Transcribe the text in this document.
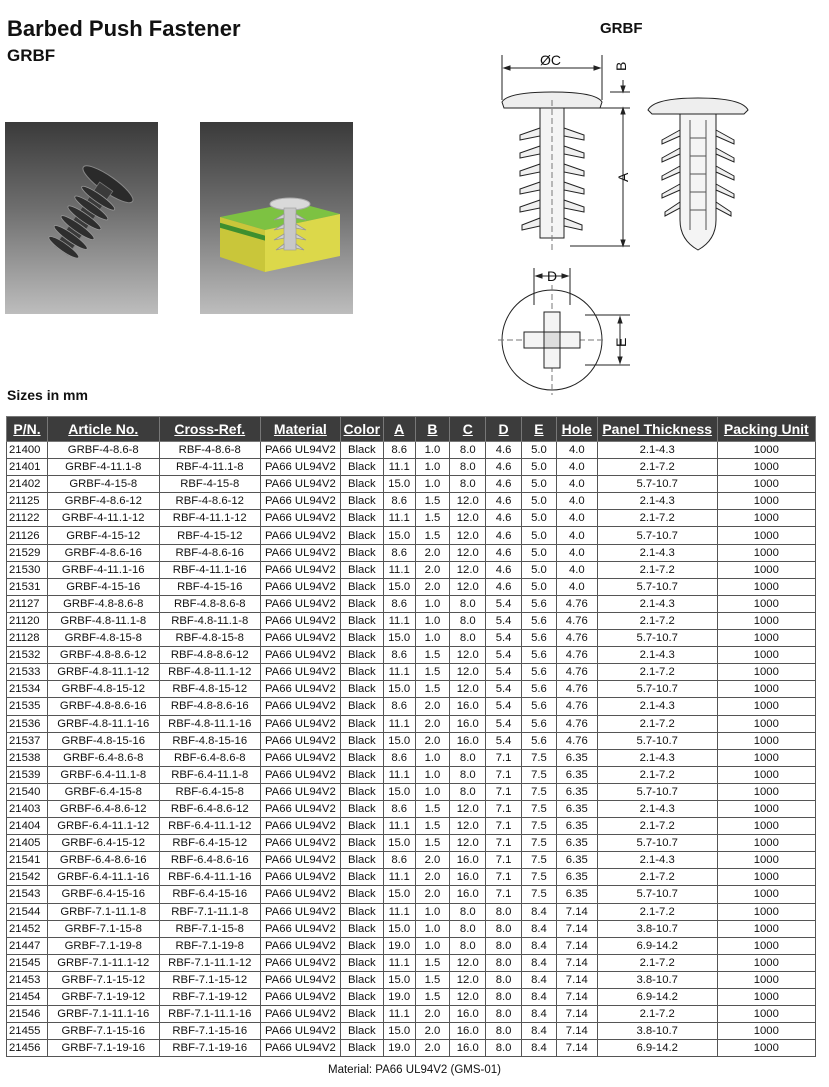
Barbed Push Fastener
GRBF
GRBF
ØC	B
A
D
E
Sizes in mm
P/N.	Article No.	Cross-Ref.	Material	Color	A	B	C	D	E	Hole	Panel Thickness	Packing Unit
21400	GRBF-4-8.6-8	RBF-4-8.6-8	PA66 UL94V2	Black	8.6	1.0	8.0	4.6	5.0	4.0	2.1-4.3	1000
21401	GRBF-4-11.1-8	RBF-4-11.1-8	PA66 UL94V2	Black	11.1	1.0	8.0	4.6	5.0	4.0	2.1-7.2	1000
21402	GRBF-4-15-8	RBF-4-15-8	PA66 UL94V2	Black	15.0	1.0	8.0	4.6	5.0	4.0	5.7-10.7	1000
21125	GRBF-4-8.6-12	RBF-4-8.6-12	PA66 UL94V2	Black	8.6	1.5	12.0	4.6	5.0	4.0	2.1-4.3	1000
21122	GRBF-4-11.1-12	RBF-4-11.1-12	PA66 UL94V2	Black	11.1	1.5	12.0	4.6	5.0	4.0	2.1-7.2	1000
21126	GRBF-4-15-12	RBF-4-15-12	PA66 UL94V2	Black	15.0	1.5	12.0	4.6	5.0	4.0	5.7-10.7	1000
21529	GRBF-4-8.6-16	RBF-4-8.6-16	PA66 UL94V2	Black	8.6	2.0	12.0	4.6	5.0	4.0	2.1-4.3	1000
21530	GRBF-4-11.1-16	RBF-4-11.1-16	PA66 UL94V2	Black	11.1	2.0	12.0	4.6	5.0	4.0	2.1-7.2	1000
21531	GRBF-4-15-16	RBF-4-15-16	PA66 UL94V2	Black	15.0	2.0	12.0	4.6	5.0	4.0	5.7-10.7	1000
21127	GRBF-4.8-8.6-8	RBF-4.8-8.6-8	PA66 UL94V2	Black	8.6	1.0	8.0	5.4	5.6	4.76	2.1-4.3	1000
21120	GRBF-4.8-11.1-8	RBF-4.8-11.1-8	PA66 UL94V2	Black	11.1	1.0	8.0	5.4	5.6	4.76	2.1-7.2	1000
21128	GRBF-4.8-15-8	RBF-4.8-15-8	PA66 UL94V2	Black	15.0	1.0	8.0	5.4	5.6	4.76	5.7-10.7	1000
21532	GRBF-4.8-8.6-12	RBF-4.8-8.6-12	PA66 UL94V2	Black	8.6	1.5	12.0	5.4	5.6	4.76	2.1-4.3	1000
21533	GRBF-4.8-11.1-12	RBF-4.8-11.1-12	PA66 UL94V2	Black	11.1	1.5	12.0	5.4	5.6	4.76	2.1-7.2	1000
21534	GRBF-4.8-15-12	RBF-4.8-15-12	PA66 UL94V2	Black	15.0	1.5	12.0	5.4	5.6	4.76	5.7-10.7	1000
21535	GRBF-4.8-8.6-16	RBF-4.8-8.6-16	PA66 UL94V2	Black	8.6	2.0	16.0	5.4	5.6	4.76	2.1-4.3	1000
21536	GRBF-4.8-11.1-16	RBF-4.8-11.1-16	PA66 UL94V2	Black	11.1	2.0	16.0	5.4	5.6	4.76	2.1-7.2	1000
21537	GRBF-4.8-15-16	RBF-4.8-15-16	PA66 UL94V2	Black	15.0	2.0	16.0	5.4	5.6	4.76	5.7-10.7	1000
21538	GRBF-6.4-8.6-8	RBF-6.4-8.6-8	PA66 UL94V2	Black	8.6	1.0	8.0	7.1	7.5	6.35	2.1-4.3	1000
21539	GRBF-6.4-11.1-8	RBF-6.4-11.1-8	PA66 UL94V2	Black	11.1	1.0	8.0	7.1	7.5	6.35	2.1-7.2	1000
21540	GRBF-6.4-15-8	RBF-6.4-15-8	PA66 UL94V2	Black	15.0	1.0	8.0	7.1	7.5	6.35	5.7-10.7	1000
21403	GRBF-6.4-8.6-12	RBF-6.4-8.6-12	PA66 UL94V2	Black	8.6	1.5	12.0	7.1	7.5	6.35	2.1-4.3	1000
21404	GRBF-6.4-11.1-12	RBF-6.4-11.1-12	PA66 UL94V2	Black	11.1	1.5	12.0	7.1	7.5	6.35	2.1-7.2	1000
21405	GRBF-6.4-15-12	RBF-6.4-15-12	PA66 UL94V2	Black	15.0	1.5	12.0	7.1	7.5	6.35	5.7-10.7	1000
21541	GRBF-6.4-8.6-16	RBF-6.4-8.6-16	PA66 UL94V2	Black	8.6	2.0	16.0	7.1	7.5	6.35	2.1-4.3	1000
21542	GRBF-6.4-11.1-16	RBF-6.4-11.1-16	PA66 UL94V2	Black	11.1	2.0	16.0	7.1	7.5	6.35	2.1-7.2	1000
21543	GRBF-6.4-15-16	RBF-6.4-15-16	PA66 UL94V2	Black	15.0	2.0	16.0	7.1	7.5	6.35	5.7-10.7	1000
21544	GRBF-7.1-11.1-8	RBF-7.1-11.1-8	PA66 UL94V2	Black	11.1	1.0	8.0	8.0	8.4	7.14	2.1-7.2	1000
21452	GRBF-7.1-15-8	RBF-7.1-15-8	PA66 UL94V2	Black	15.0	1.0	8.0	8.0	8.4	7.14	3.8-10.7	1000
21447	GRBF-7.1-19-8	RBF-7.1-19-8	PA66 UL94V2	Black	19.0	1.0	8.0	8.0	8.4	7.14	6.9-14.2	1000
21545	GRBF-7.1-11.1-12	RBF-7.1-11.1-12	PA66 UL94V2	Black	11.1	1.5	12.0	8.0	8.4	7.14	2.1-7.2	1000
21453	GRBF-7.1-15-12	RBF-7.1-15-12	PA66 UL94V2	Black	15.0	1.5	12.0	8.0	8.4	7.14	3.8-10.7	1000
21454	GRBF-7.1-19-12	RBF-7.1-19-12	PA66 UL94V2	Black	19.0	1.5	12.0	8.0	8.4	7.14	6.9-14.2	1000
21546	GRBF-7.1-11.1-16	RBF-7.1-11.1-16	PA66 UL94V2	Black	11.1	2.0	16.0	8.0	8.4	7.14	2.1-7.2	1000
21455	GRBF-7.1-15-16	RBF-7.1-15-16	PA66 UL94V2	Black	15.0	2.0	16.0	8.0	8.4	7.14	3.8-10.7	1000
21456	GRBF-7.1-19-16	RBF-7.1-19-16	PA66 UL94V2	Black	19.0	2.0	16.0	8.0	8.4	7.14	6.9-14.2	1000
Material: PA66 UL94V2 (GMS-01)
